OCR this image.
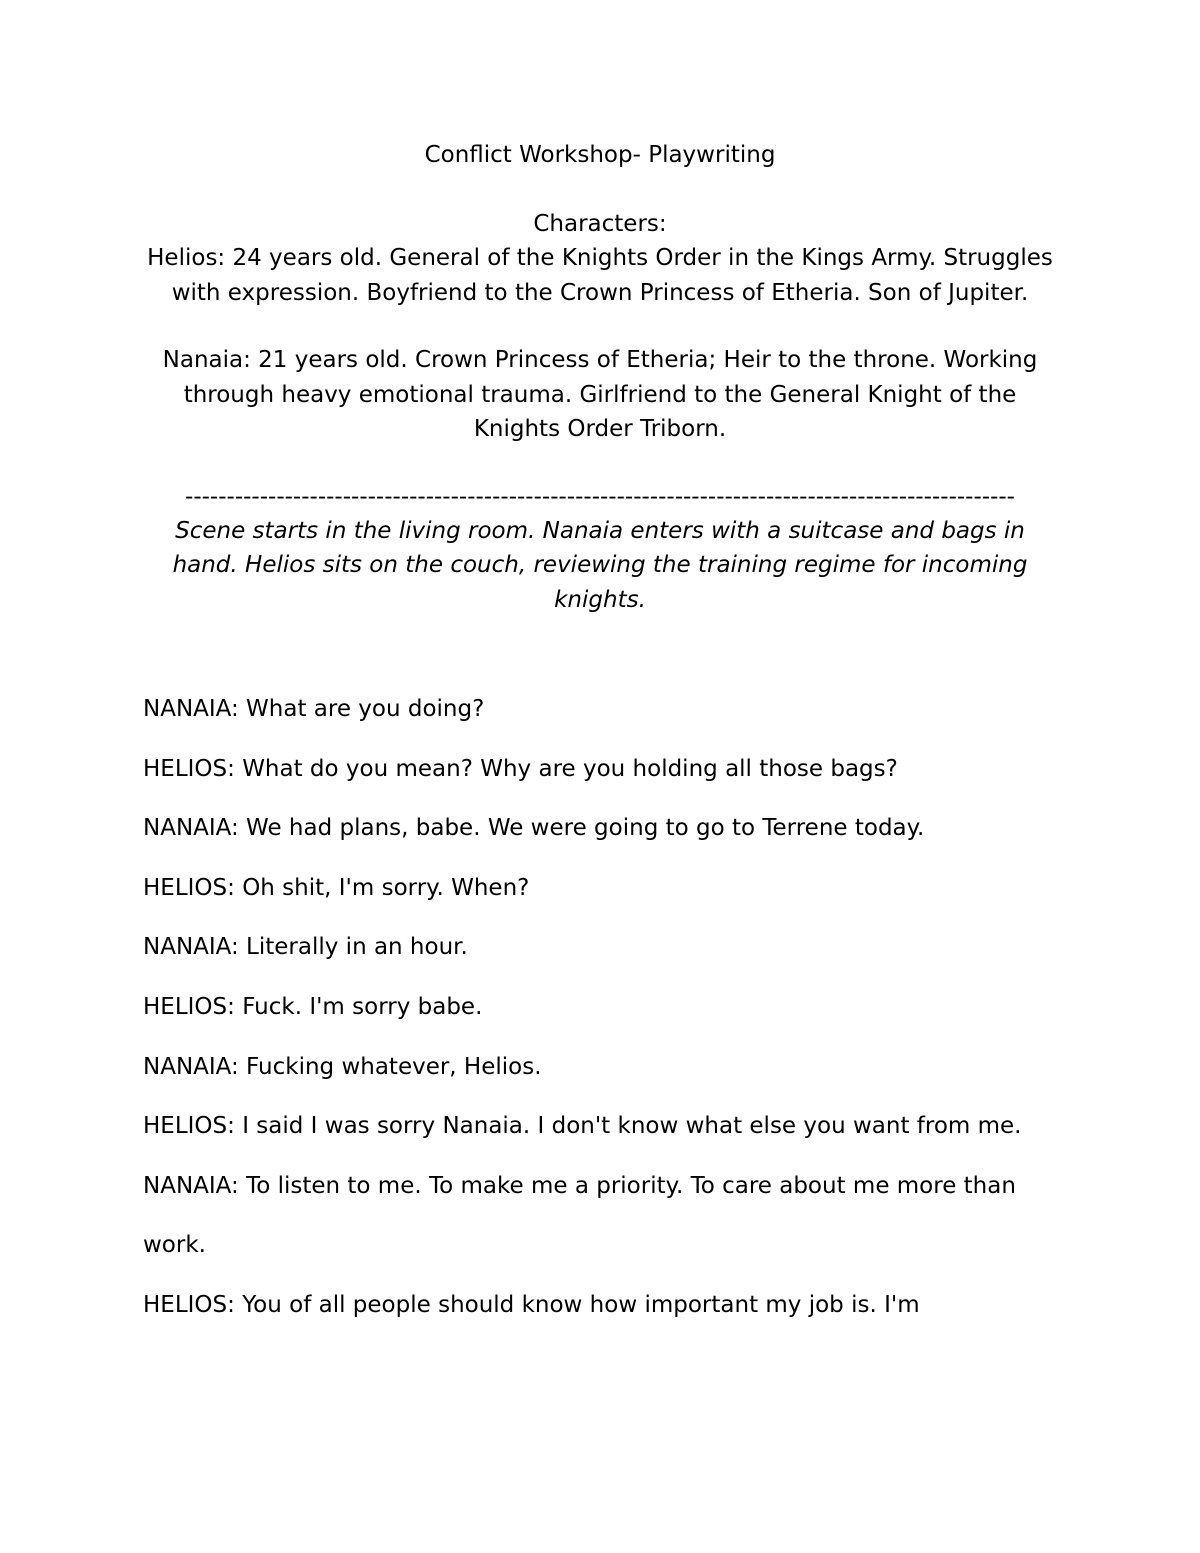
Conflict Workshop- Playwriting

Characters:

Helios: 24 years old. General of the Knights Order in the Kings Army. Struggles with expression. Boyfriend to the Crown Princess of Etheria. Son of Jupiter.

Nanaia: 21 years old. Crown Princess of Etheria; Heir to the throne. Working through heavy emotional trauma. Girlfriend to the General Knight of the Knights Order Triborn.

----------------------------------------------------------------------------------------------------

Scene starts in the living room. Nanaia enters with a suitcase and bags in hand. Helios sits on the couch, reviewing the training regime for incoming knights.

NANAIA: What are you doing?

HELIOS: What do you mean? Why are you holding all those bags?

NANAIA: We had plans, babe. We were going to go to Terrene today.

HELIOS: Oh shit, I'm sorry. When?

NANAIA: Literally in an hour.

HELIOS: Fuck. I'm sorry babe.

NANAIA: Fucking whatever, Helios.

HELIOS: I said I was sorry Nanaia. I don't know what else you want from me.

NANAIA: To listen to me. To make me a priority. To care about me more than work.

HELIOS: You of all people should know how important my job is. I'm
